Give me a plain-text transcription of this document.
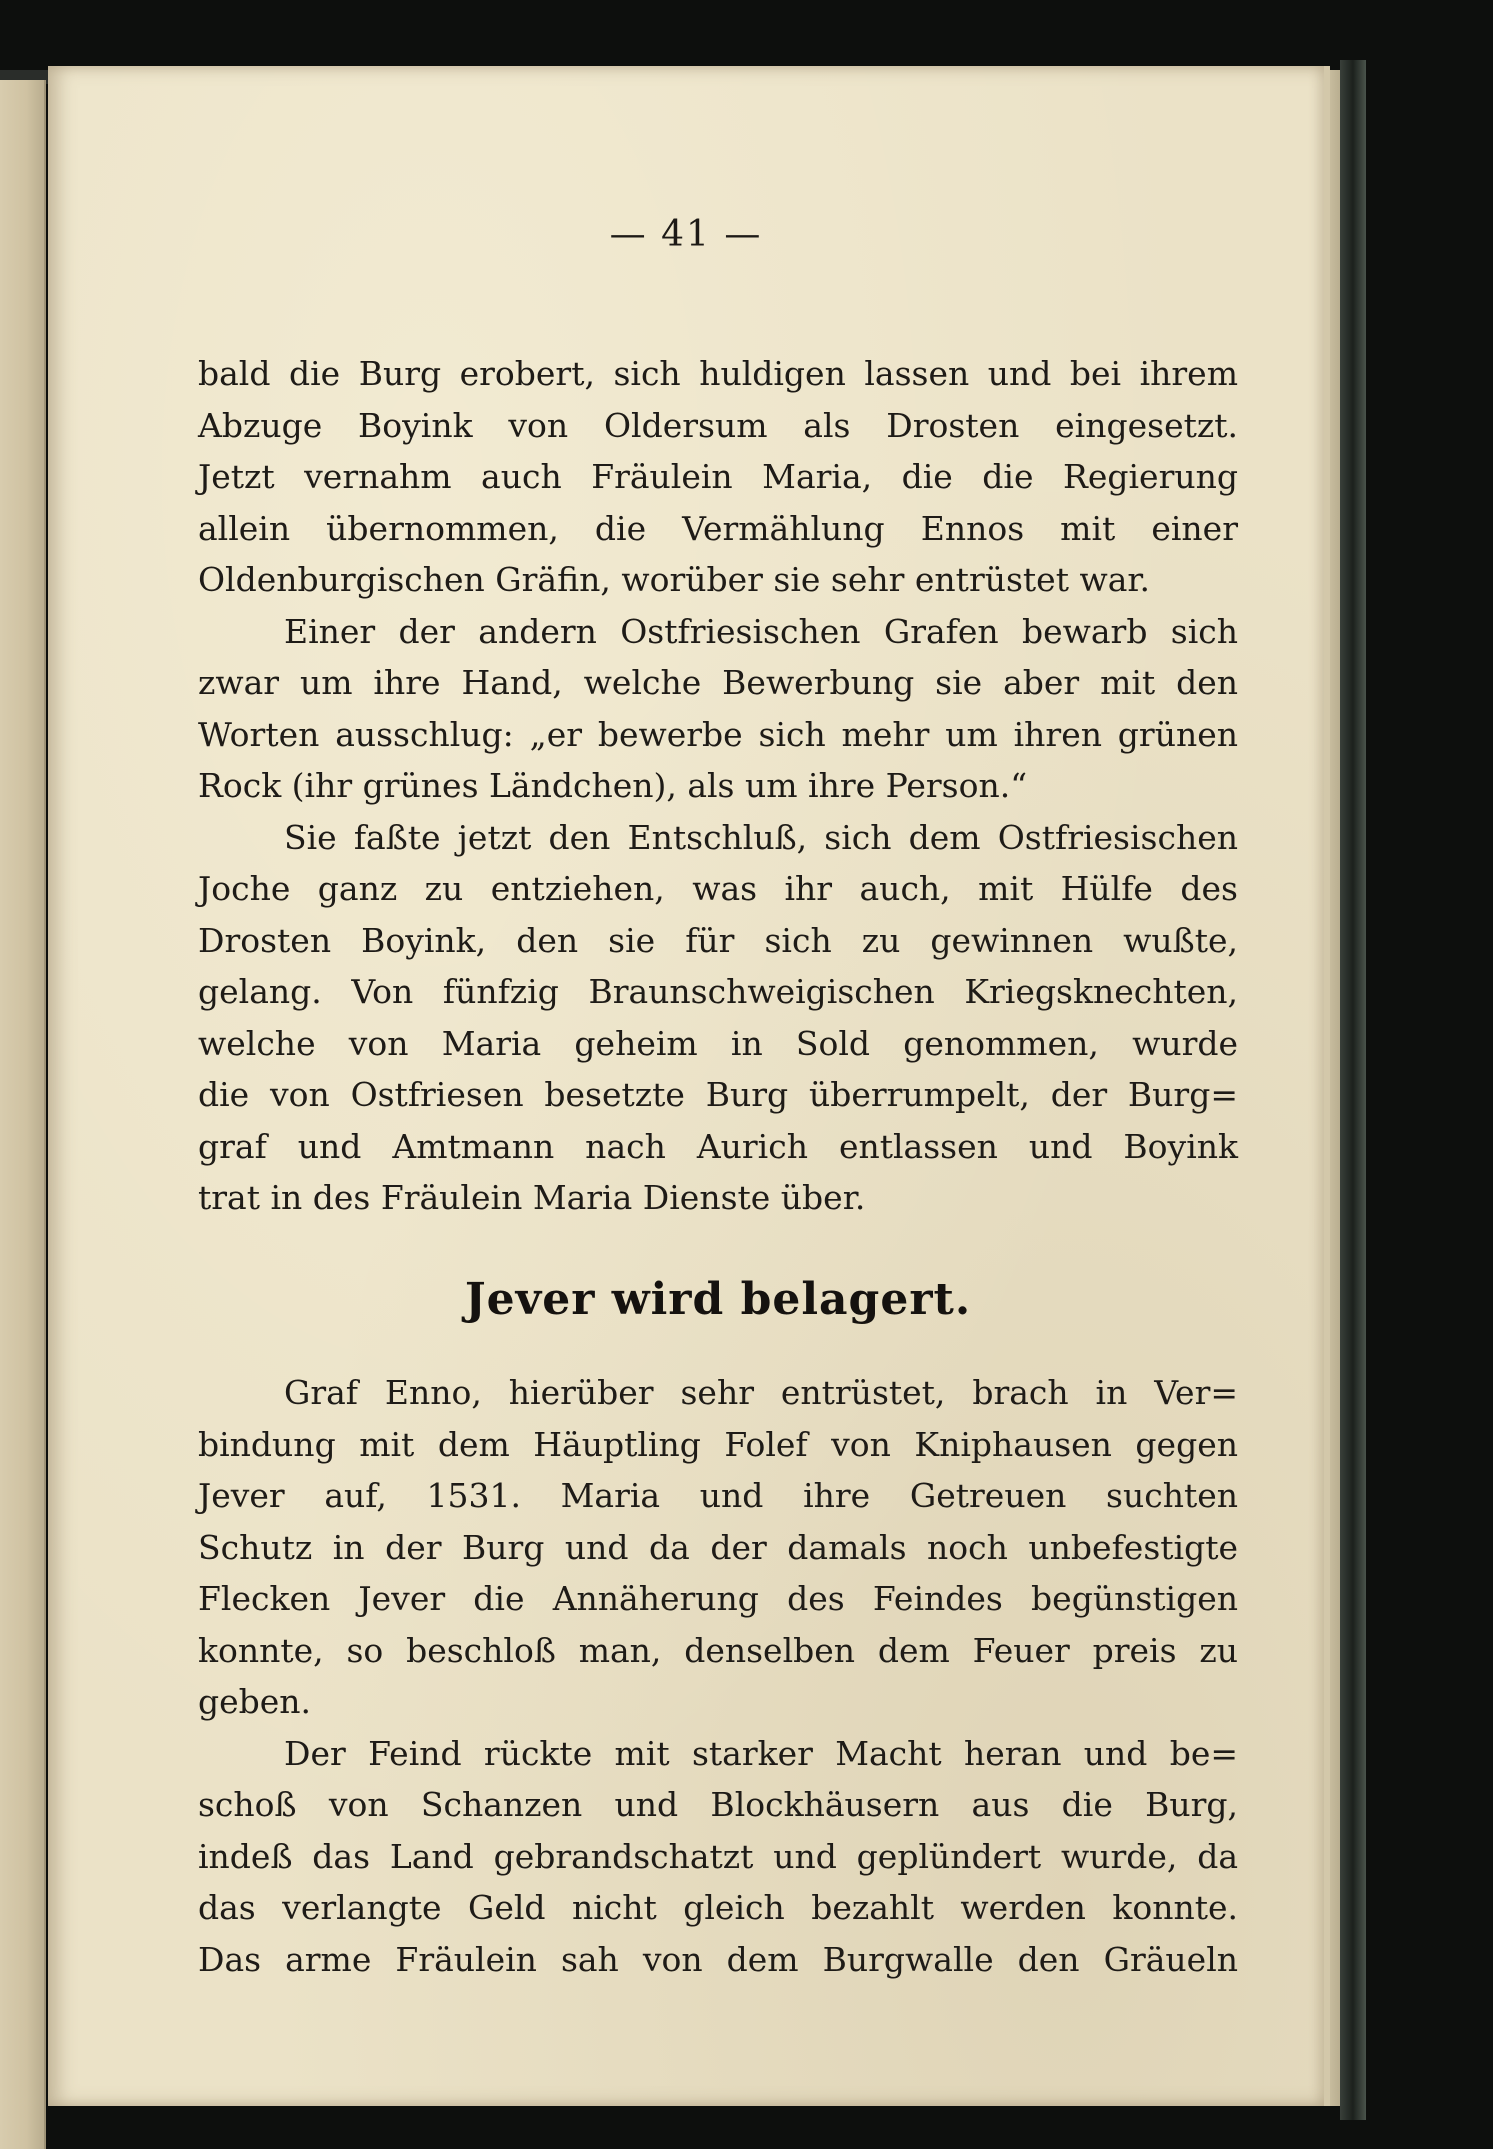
— 41 —
bald die Burg erobert, sich huldigen lassen und bei ihrem
Abzuge Boyink von Oldersum als Drosten eingesetzt.
Jetzt vernahm auch Fräulein Maria, die die Regierung
allein übernommen, die Vermählung Ennos mit einer
Oldenburgischen Gräfin, worüber sie sehr entrüstet war.
Einer der andern Ostfriesischen Grafen bewarb sich
zwar um ihre Hand, welche Bewerbung sie aber mit den
Worten ausschlug: „er bewerbe sich mehr um ihren grünen
Rock (ihr grünes Ländchen), als um ihre Person.“
Sie faßte jetzt den Entschluß, sich dem Ostfriesischen
Joche ganz zu entziehen, was ihr auch, mit Hülfe des
Drosten Boyink, den sie für sich zu gewinnen wußte,
gelang. Von fünfzig Braunschweigischen Kriegsknechten,
welche von Maria geheim in Sold genommen, wurde
die von Ostfriesen besetzte Burg überrumpelt, der Burg=
graf und Amtmann nach Aurich entlassen und Boyink
trat in des Fräulein Maria Dienste über.
Jever wird belagert.
Graf Enno, hierüber sehr entrüstet, brach in Ver=
bindung mit dem Häuptling Folef von Kniphausen gegen
Jever auf, 1531. Maria und ihre Getreuen suchten
Schutz in der Burg und da der damals noch unbefestigte
Flecken Jever die Annäherung des Feindes begünstigen
konnte, so beschloß man, denselben dem Feuer preis zu
geben.
Der Feind rückte mit starker Macht heran und be=
schoß von Schanzen und Blockhäusern aus die Burg,
indeß das Land gebrandschatzt und geplündert wurde, da
das verlangte Geld nicht gleich bezahlt werden konnte.
Das arme Fräulein sah von dem Burgwalle den Gräueln
